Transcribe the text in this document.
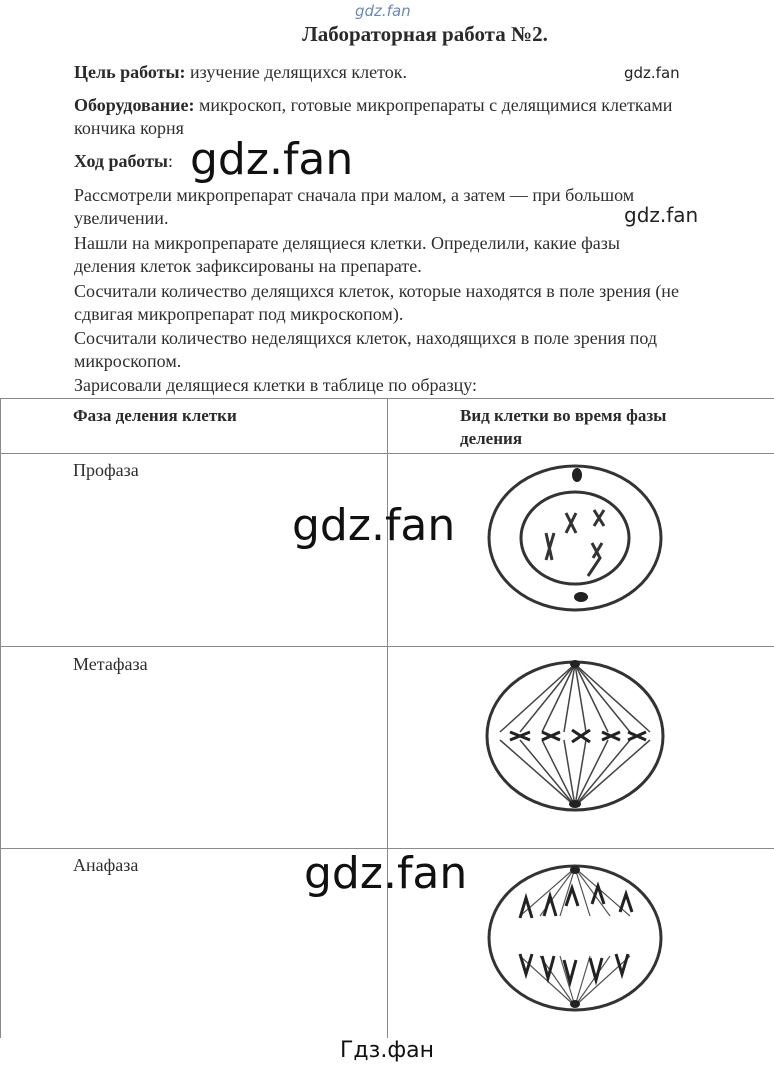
gdz.fan
Лабораторная работа №2.
Цель работы: изучение делящихся клеток.	gdz.fan
Оборудование: микроскоп, готовые микропрепараты с делящимися клетками
кончика корня
Ход работы: gdz.fan
Рассмотрели микропрепарат сначала при малом, а затем — при большом
увеличении.	gdz.fan
Нашли на микропрепарате делящиеся клетки. Определили, какие фазы
деления клеток зафиксированы на препарате.
Сосчитали количество делящихся клеток, которые находятся в поле зрения (не
сдвигая микропрепарат под микроскопом).
Сосчитали количество неделящихся клеток, находящихся в поле зрения под
микроскопом.
Зарисовали делящиеся клетки в таблице по образцу:
Фаза деления клетки	Вид клетки во время фазы
деления
Профаза
Метафаза
Анафаза
gdz.fan
gdz.fan
Гдз.фан
